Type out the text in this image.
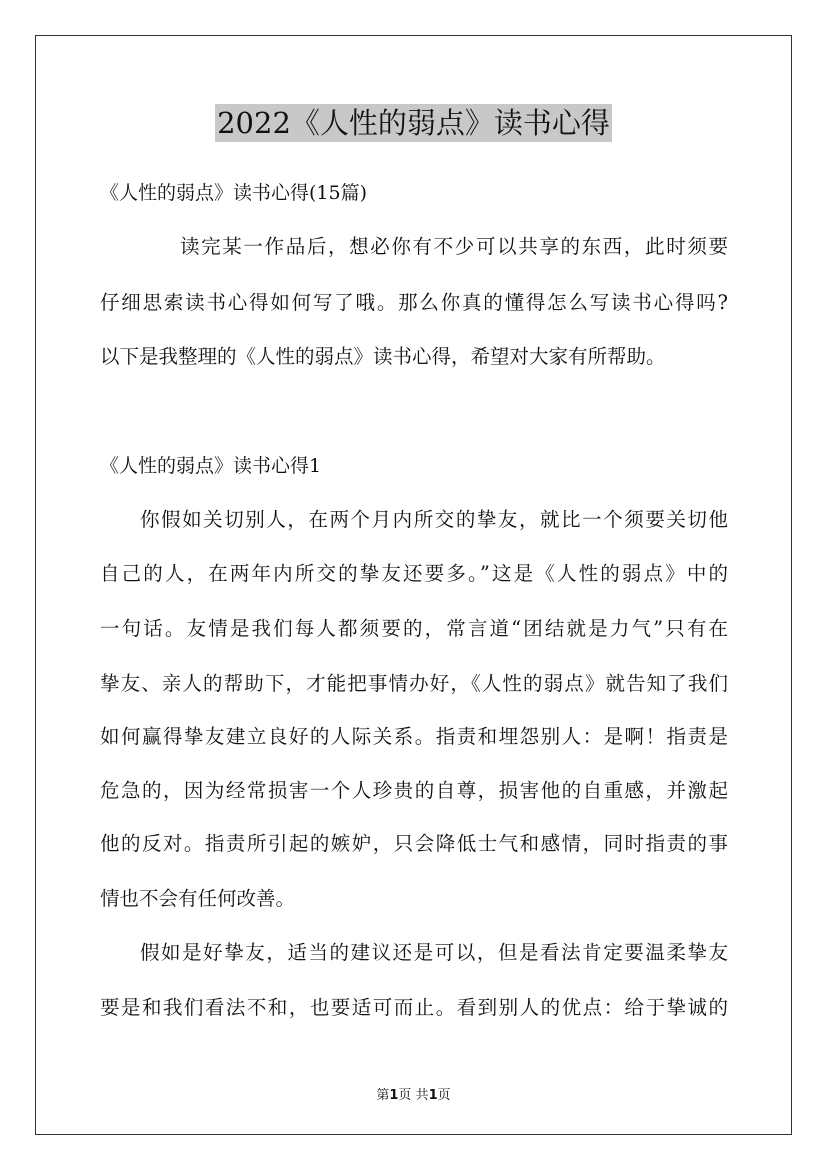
2022《人性的弱点》读书心得
《人性的弱点》读书心得(15篇)
读完某一作品后，想必你有不少可以共享的东西，此时须要
仔细思索读书心得如何写了哦。那么你真的懂得怎么写读书心得吗?
以下是我整理的《人性的弱点》读书心得，希望对大家有所帮助。
《人性的弱点》读书心得1
你假如关切别人，在两个月内所交的挚友，就比一个须要关切他
自己的人，在两年内所交的挚友还要多。”这是《人性的弱点》中的
一句话。友情是我们每人都须要的，常言道“团结就是力气”只有在
挚友、亲人的帮助下，才能把事情办好，《人性的弱点》就告知了我们
如何赢得挚友建立良好的人际关系。指责和埋怨别人：是啊！指责是
危急的，因为经常损害一个人珍贵的自尊，损害他的自重感，并激起
他的反对。指责所引起的嫉妒，只会降低士气和感情，同时指责的事
情也不会有任何改善。
假如是好挚友，适当的建议还是可以，但是看法肯定要温柔挚友
要是和我们看法不和，也要适可而止。看到别人的优点：给于挚诚的
第1页 共1页
